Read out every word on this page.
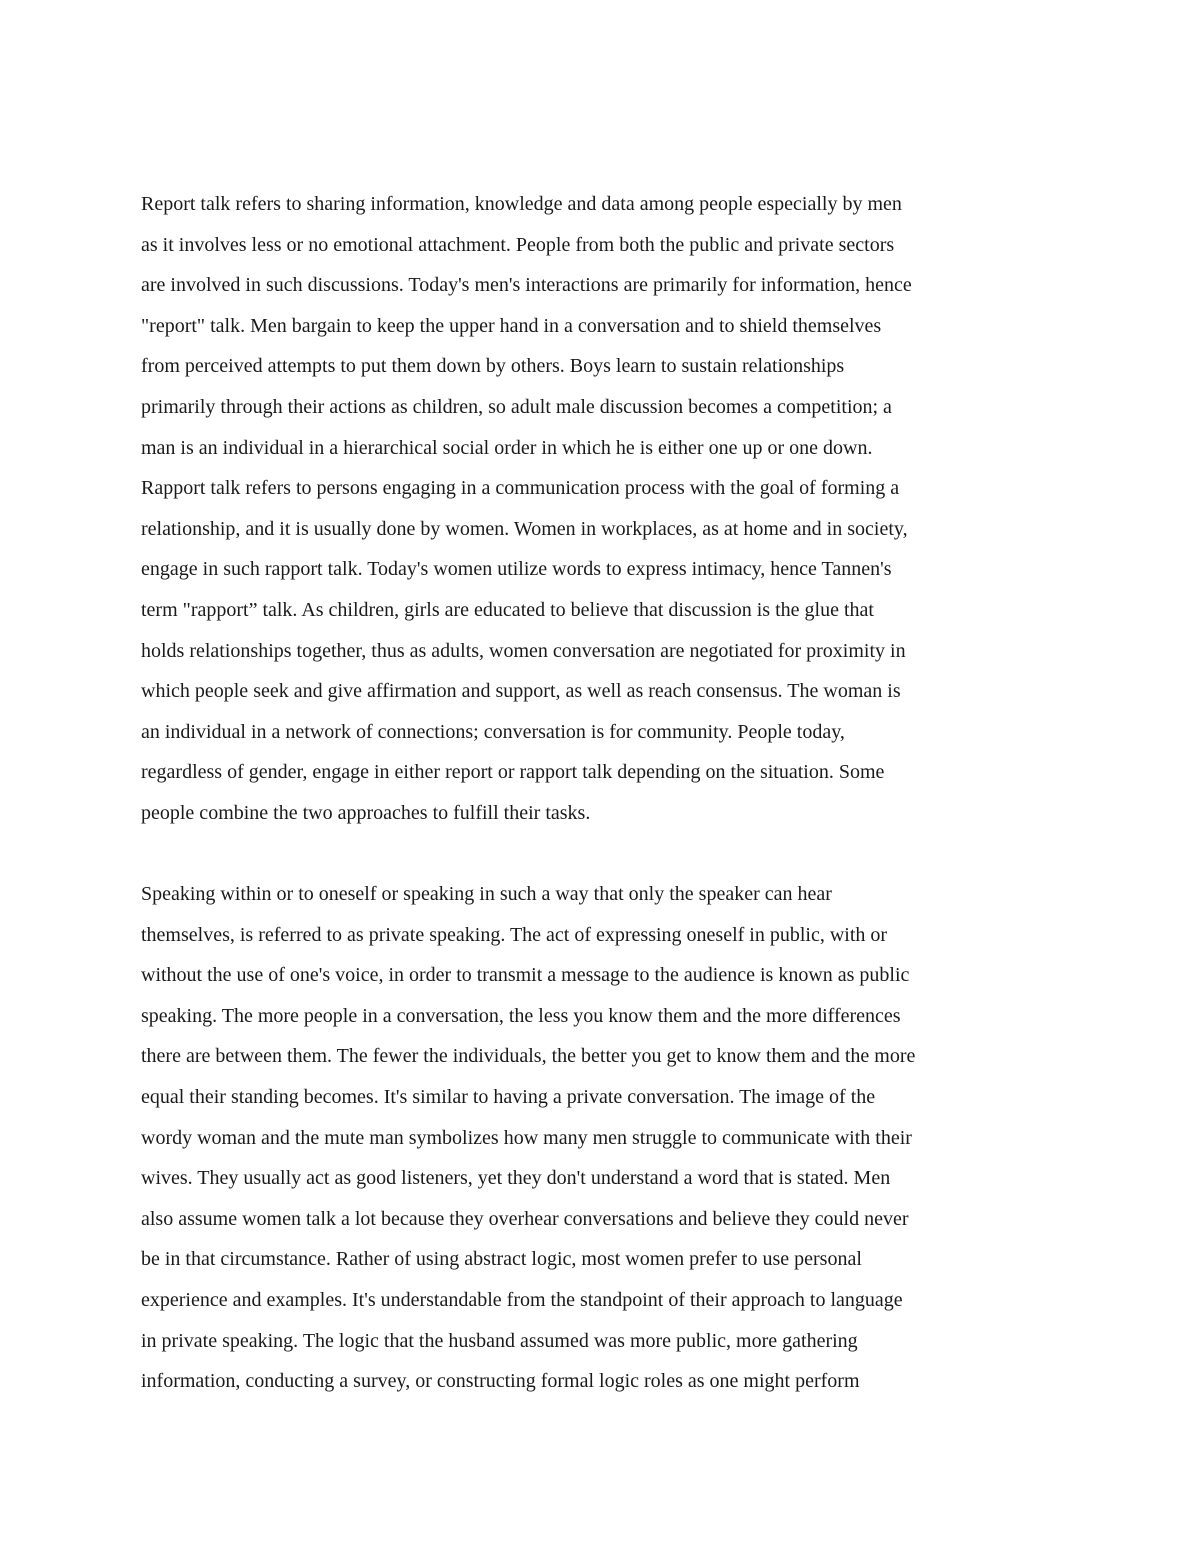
Report talk refers to sharing information, knowledge and data among people especially by men
as it involves less or no emotional attachment. People from both the public and private sectors
are involved in such discussions. Today's men's interactions are primarily for information, hence
"report" talk. Men bargain to keep the upper hand in a conversation and to shield themselves
from perceived attempts to put them down by others. Boys learn to sustain relationships
primarily through their actions as children, so adult male discussion becomes a competition; a
man is an individual in a hierarchical social order in which he is either one up or one down.
Rapport talk refers to persons engaging in a communication process with the goal of forming a
relationship, and it is usually done by women. Women in workplaces, as at home and in society,
engage in such rapport talk. Today's women utilize words to express intimacy, hence Tannen's
term "rapport” talk. As children, girls are educated to believe that discussion is the glue that
holds relationships together, thus as adults, women conversation are negotiated for proximity in
which people seek and give affirmation and support, as well as reach consensus. The woman is
an individual in a network of connections; conversation is for community. People today,
regardless of gender, engage in either report or rapport talk depending on the situation. Some
people combine the two approaches to fulfill their tasks.
Speaking within or to oneself or speaking in such a way that only the speaker can hear
themselves, is referred to as private speaking. The act of expressing oneself in public, with or
without the use of one's voice, in order to transmit a message to the audience is known as public
speaking. The more people in a conversation, the less you know them and the more differences
there are between them. The fewer the individuals, the better you get to know them and the more
equal their standing becomes. It's similar to having a private conversation. The image of the
wordy woman and the mute man symbolizes how many men struggle to communicate with their
wives. They usually act as good listeners, yet they don't understand a word that is stated. Men
also assume women talk a lot because they overhear conversations and believe they could never
be in that circumstance. Rather of using abstract logic, most women prefer to use personal
experience and examples. It's understandable from the standpoint of their approach to language
in private speaking. The logic that the husband assumed was more public, more gathering
information, conducting a survey, or constructing formal logic roles as one might perform
